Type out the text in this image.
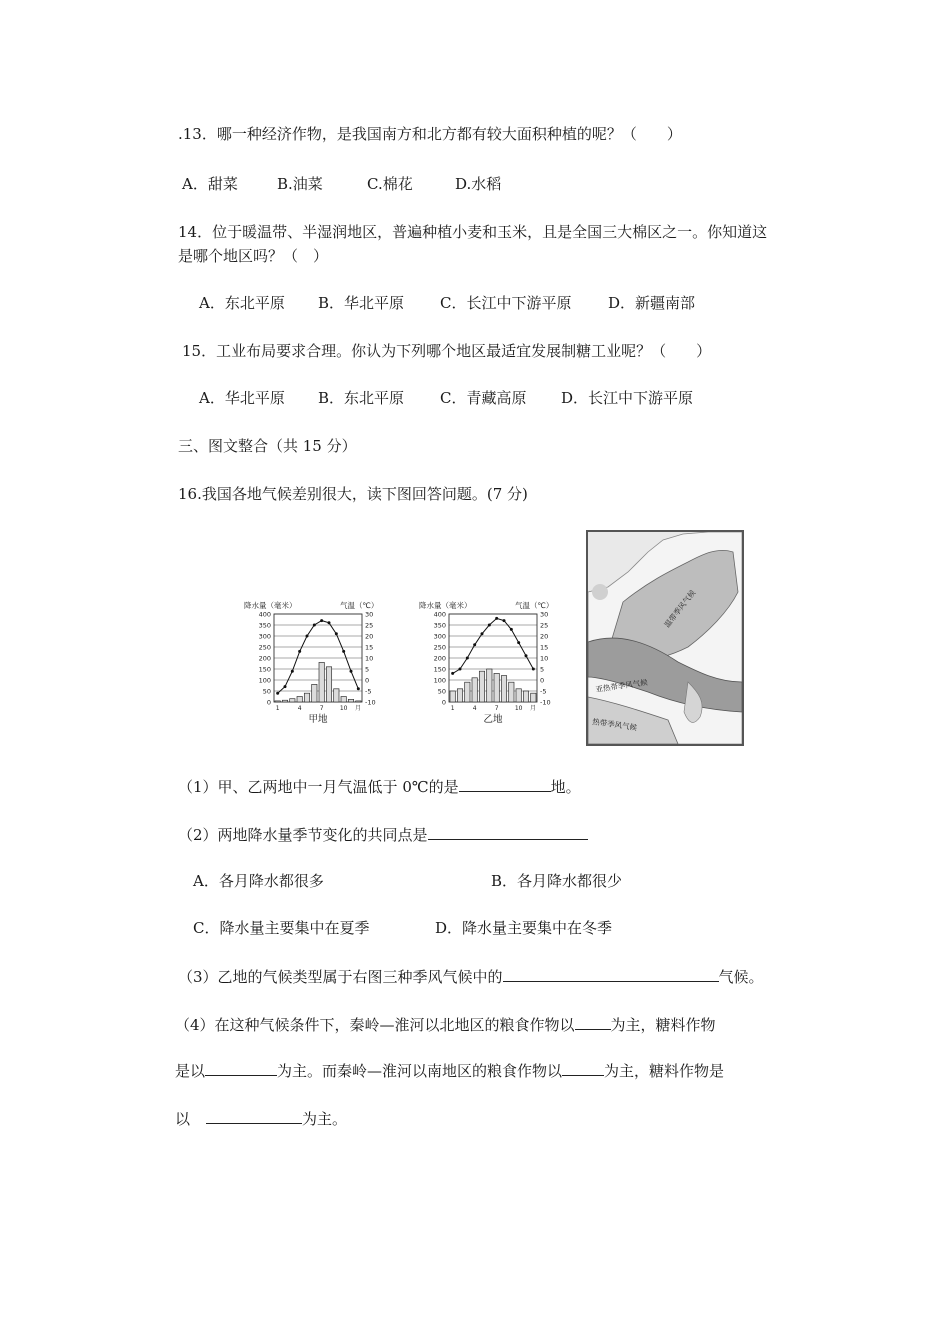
.13．哪一种经济作物，是我国南方和北方都有较大面积种植的呢？（　　）
A．甜菜	B.油菜	C.棉花	D.水稻
14．位于暖温带、半湿润地区，普遍种植小麦和玉米，且是全国三大棉区之一。你知道这
是哪个地区吗？（　）
A．东北平原 B．华北平原 C．长江中下游平原 D．新疆南部
15．工业布局要求合理。你认为下列哪个地区最适宜发展制糖工业呢？（　　）
A．华北平原 B．东北平原 C．青藏高原 D．长江中下游平原
三、图文整合（共 15 分）
16.我国各地气候差别很大，读下图回答问题。(7 分)
降水量（毫米）	气温（℃）
400	30
350	25
300	20
250	15
200	10
150	5
100	0
50	-5
0	-10
1	4	7	10 月
甲地
降水量（毫米）	气温（℃）
400	30
350	25
300	20
250	15
200	10
150	5
100	0
50	-5
0	-10
1	4	7	10 月
乙地
温带季风气候
亚热带季风气候
热带季风气候
（1）甲、乙两地中一月气温低于 0℃的是	地。
（2）两地降水量季节变化的共同点是
A．各月降水都很多	B．各月降水都很少
C．降水量主要集中在夏季	D．降水量主要集中在冬季
（3）乙地的气候类型属于右图三种季风气候中的	气候。
（4）在这种气候条件下，秦岭—淮河以北地区的粮食作物以 为主，糖料作物
是以	为主。而秦岭—淮河以南地区的粮食作物以	为主，糖料作物是
以	为主。
